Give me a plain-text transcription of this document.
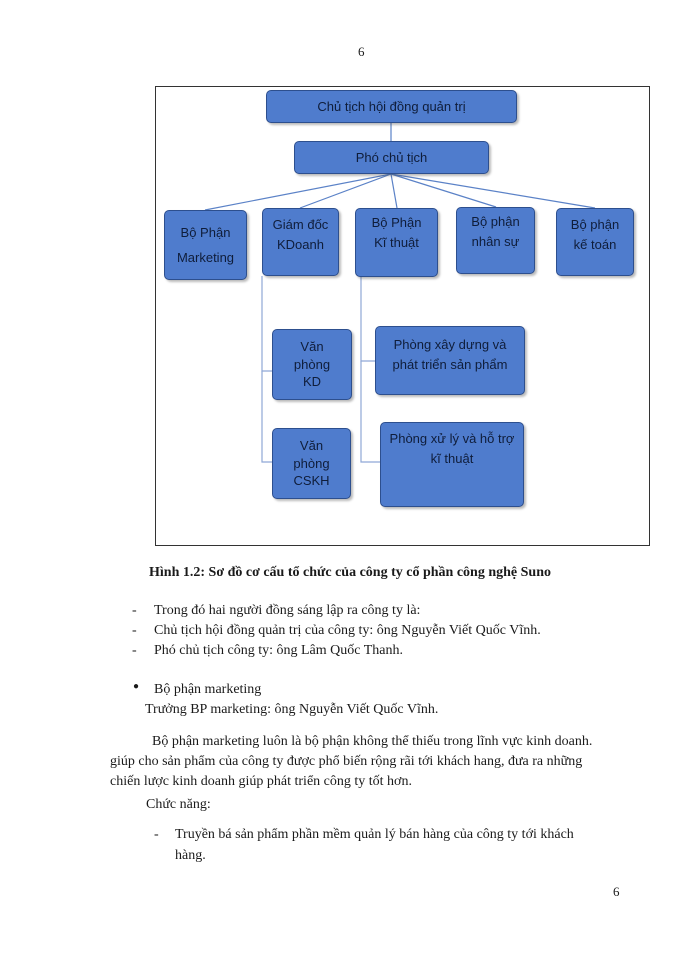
6
Chủ tịch hội đồng quản trị
Phó chủ tịch
Bộ Phận
Marketing
Giám đốc
KDoanh
Bộ Phận
Kĩ thuật
Bộ phận
nhân sự
Bộ phận
kế toán
Văn
phòng
KD
Văn
phòng
CSKH
Phòng xây dựng và
phát triển sản phẩm
Phòng xử lý và hỗ trợ
kĩ thuật
Hình 1.2: Sơ đồ cơ cấu tổ chức của công ty cổ phần công nghệ Suno
- Trong đó hai người đồng sáng lập ra công ty là:
- Chủ tịch hội đồng quản trị của công ty: ông Nguyễn Viết Quốc Vĩnh.
- Phó chủ tịch công ty: ông Lâm Quốc Thanh.
● Bộ phận marketing
Trưởng BP marketing: ông Nguyễn Viết Quốc Vĩnh.
Bộ phận marketing luôn là bộ phận không thể thiếu trong lĩnh vực kinh doanh.
giúp cho sản phẩm của công ty được phổ biến rộng rãi tới khách hang, đưa ra những
chiến lược kinh doanh giúp phát triển công ty tốt hơn.
Chức năng:
- Truyền bá sản phẩm phần mềm quản lý bán hàng của công ty tới khách
hàng.
6
